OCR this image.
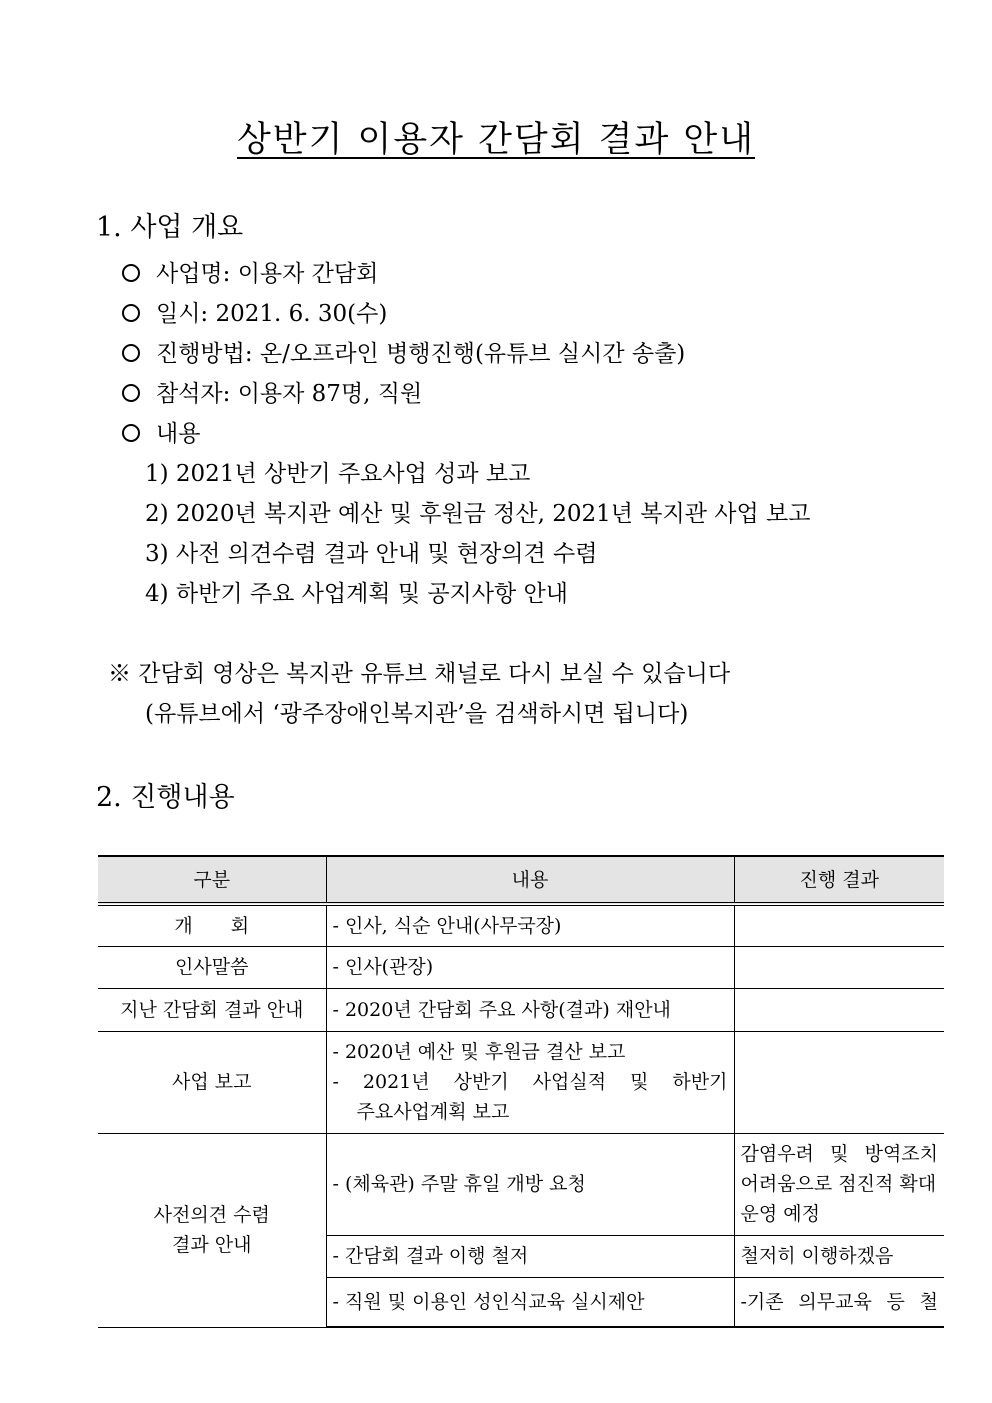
상반기 이용자 간담회 결과 안내
1. 사업 개요
사업명: 이용자 간담회
일시: 2021. 6. 30(수)
진행방법: 온/오프라인 병행진행(유튜브 실시간 송출)
참석자: 이용자 87명, 직원
내용
1) 2021년 상반기 주요사업 성과 보고
2) 2020년 복지관 예산 및 후원금 정산, 2021년 복지관 사업 보고
3) 사전 의견수렴 결과 안내 및 현장의견 수렴
4) 하반기 주요 사업계획 및 공지사항 안내
※ 간담회 영상은 복지관 유튜브 채널로 다시 보실 수 있습니다
(유튜브에서 ‘광주장애인복지관’을 검색하시면 됩니다)
2. 진행내용
구분	내용	진행 결과
개　　회	- 인사, 식순 안내(사무국장)	
인사말씀	- 인사(관장)	
지난 간담회 결과 안내	- 2020년 간담회 주요 사항(결과) 재안내	
사업 보고	- 2020년 예산 및 후원금 결산 보고
- 2021년 상반기 사업실적 및 하반기
주요사업계획 보고	

사전의견 수렴
결과 안내	- (체육관) 주말 휴일 개방 요청	감염우려 및 방역조치
어려움으로 점진적 확대
운영 예정

	- 간담회 결과 이행 철저	철저히 이행하겠음
	- 직원 및 이용인 성인식교육 실시제안	-기존 의무교육 등 철
